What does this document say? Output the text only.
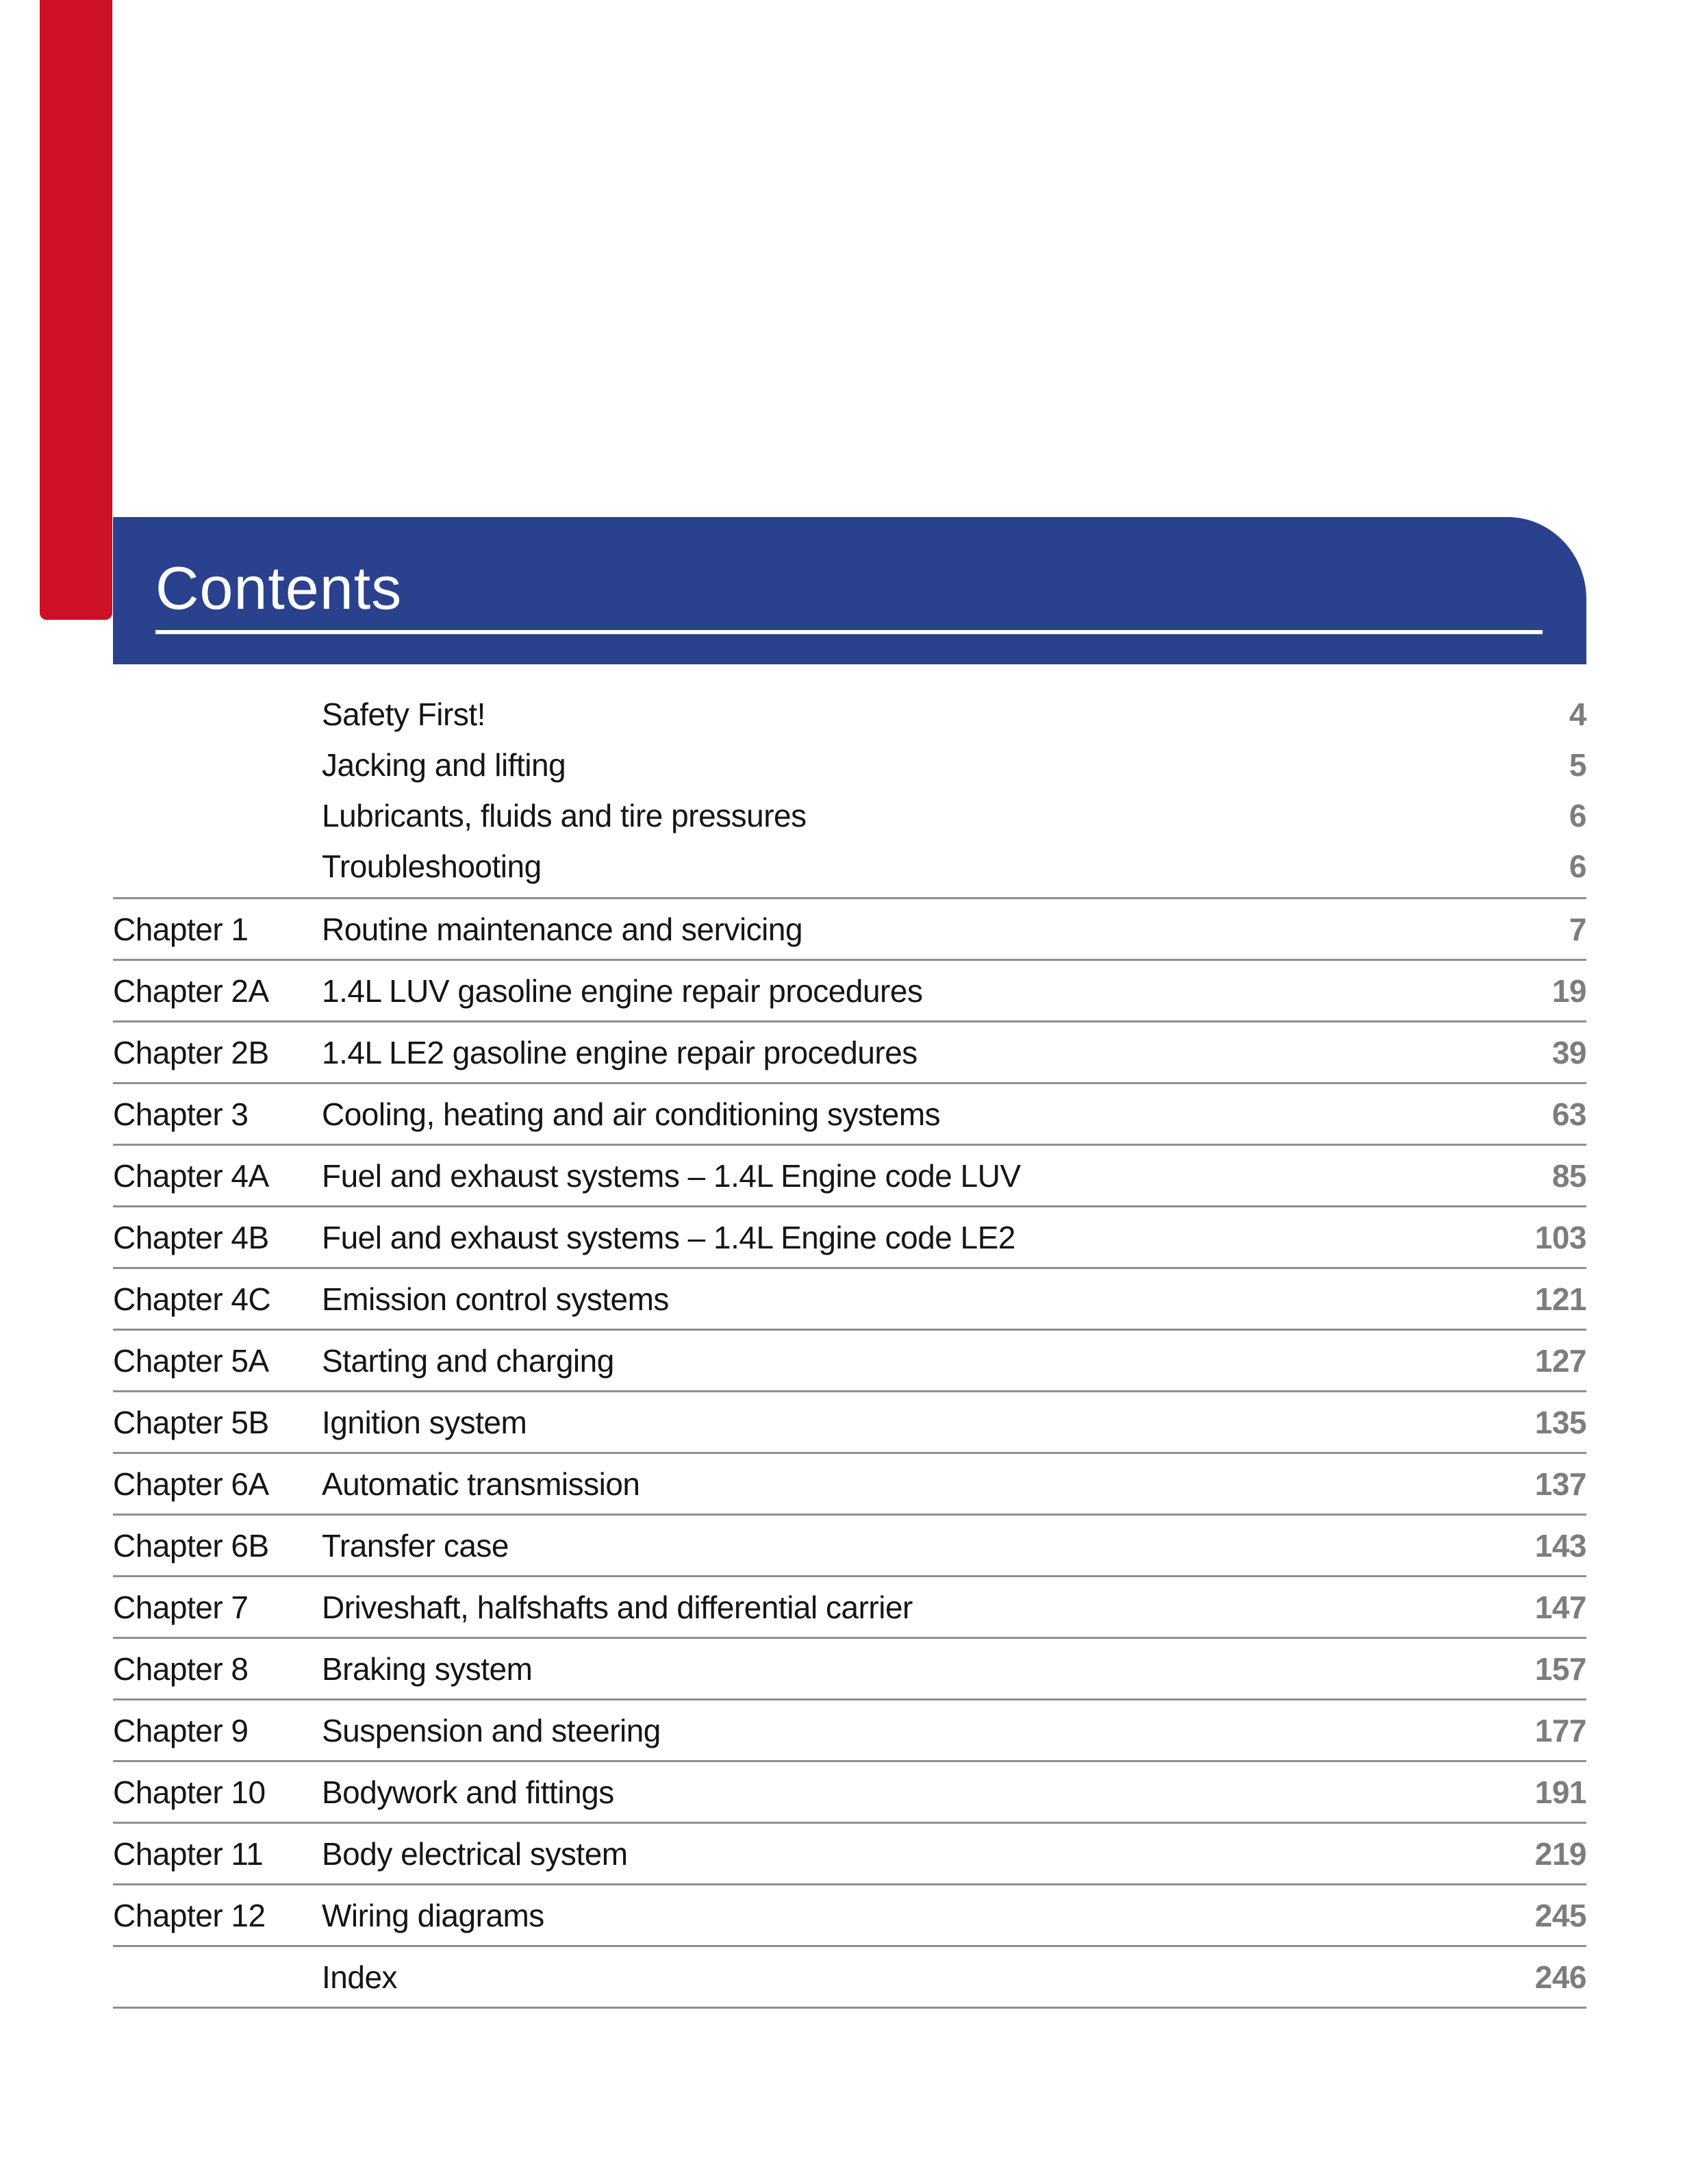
Contents
Safety First!	4
Jacking and lifting	5
Lubricants, fluids and tire pressures	6
Troubleshooting	6
Chapter 1	Routine maintenance and servicing	7
Chapter 2A	1.4L LUV gasoline engine repair procedures	19
Chapter 2B	1.4L LE2 gasoline engine repair procedures	39
Chapter 3	Cooling, heating and air conditioning systems	63
Chapter 4A	Fuel and exhaust systems – 1.4L Engine code LUV	85
Chapter 4B	Fuel and exhaust systems – 1.4L Engine code LE2	103
Chapter 4C	Emission control systems	121
Chapter 5A	Starting and charging	127
Chapter 5B	Ignition system	135
Chapter 6A	Automatic transmission	137
Chapter 6B	Transfer case	143
Chapter 7	Driveshaft, halfshafts and differential carrier	147
Chapter 8	Braking system	157
Chapter 9	Suspension and steering	177
Chapter 10	Bodywork and fittings	191
Chapter 11	Body electrical system	219
Chapter 12	Wiring diagrams	245
Index	246
